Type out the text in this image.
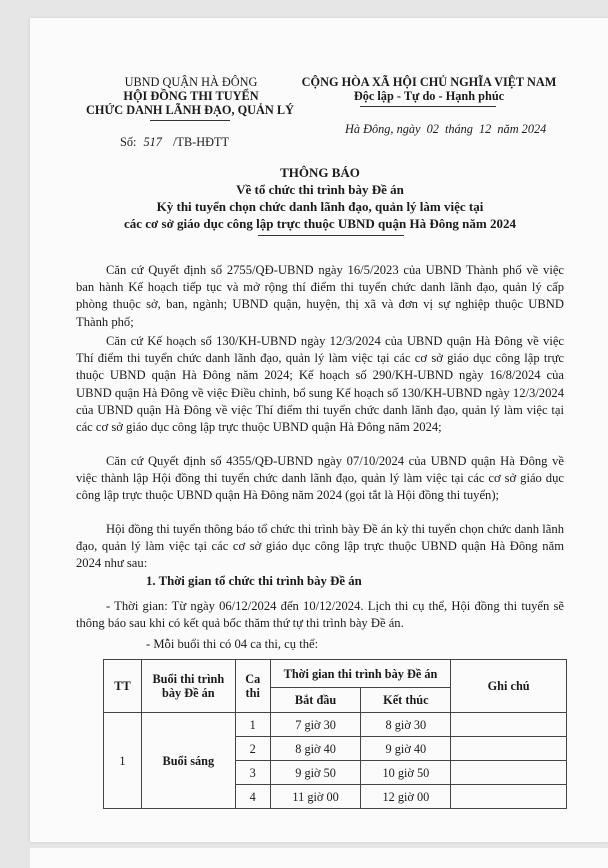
UBND QUẬN HÀ ĐÔNG
HỘI ĐỒNG THI TUYỂN
CHỨC DANH LÃNH ĐẠO, QUẢN LÝ
Số: 517 /TB-HĐTT
CỘNG HÒA XÃ HỘI CHỦ NGHĨA VIỆT NAM
Độc lập - Tự do - Hạnh phúc
Hà Đông, ngày 02 tháng 12 năm 2024
THÔNG BÁO
Về tổ chức thi trình bày Đề án
Kỳ thi tuyển chọn chức danh lãnh đạo, quản lý làm việc tại
các cơ sở giáo dục công lập trực thuộc UBND quận Hà Đông năm 2024
Căn cứ Quyết định số 2755/QĐ-UBND ngày 16/5/2023 của UBND Thành phố về việc ban hành Kế hoạch tiếp tục và mở rộng thí điểm thi tuyển chức danh lãnh đạo, quản lý cấp phòng thuộc sở, ban, ngành; UBND quận, huyện, thị xã và đơn vị sự nghiệp thuộc UBND Thành phố;
Căn cứ Kế hoạch số 130/KH-UBND ngày 12/3/2024 của UBND quận Hà Đông về việc Thí điểm thi tuyển chức danh lãnh đạo, quản lý làm việc tại các cơ sở giáo dục công lập trực thuộc UBND quận Hà Đông năm 2024; Kế hoạch số 290/KH-UBND ngày 16/8/2024 của UBND quận Hà Đông về việc Điều chỉnh, bổ sung Kế hoạch số 130/KH-UBND ngày 12/3/2024 của UBND quận Hà Đông về việc Thí điểm thi tuyển chức danh lãnh đạo, quản lý làm việc tại các cơ sở giáo dục công lập trực thuộc UBND quận Hà Đông năm 2024;
Căn cứ Quyết định số 4355/QĐ-UBND ngày 07/10/2024 của UBND quận Hà Đông về việc thành lập Hội đồng thi tuyển chức danh lãnh đạo, quản lý làm việc tại các cơ sở giáo dục công lập trực thuộc UBND quận Hà Đông năm 2024 (gọi tắt là Hội đồng thi tuyển);
Hội đồng thi tuyển thông báo tổ chức thi trình bày Đề án kỳ thi tuyển chọn chức danh lãnh đạo, quản lý làm việc tại các cơ sở giáo dục công lập trực thuộc UBND quận Hà Đông năm 2024 như sau:
1. Thời gian tổ chức thi trình bày Đề án
- Thời gian: Từ ngày 06/12/2024 đến 10/12/2024. Lịch thi cụ thể, Hội đồng thi tuyển sẽ thông báo sau khi có kết quả bốc thăm thứ tự thi trình bày Đề án.
- Mỗi buổi thi có 04 ca thi, cụ thể:
TT	Buổi thi trình bày Đề án	Ca thi	Thời gian thi trình bày Đề án		Ghi chú
			Bắt đầu	Kết thúc	
1	Buổi sáng	1	7 giờ 30	8 giờ 30	
		2	8 giờ 40	9 giờ 40	
		3	9 giờ 50	10 giờ 50	
		4	11 giờ 00	12 giờ 00	
